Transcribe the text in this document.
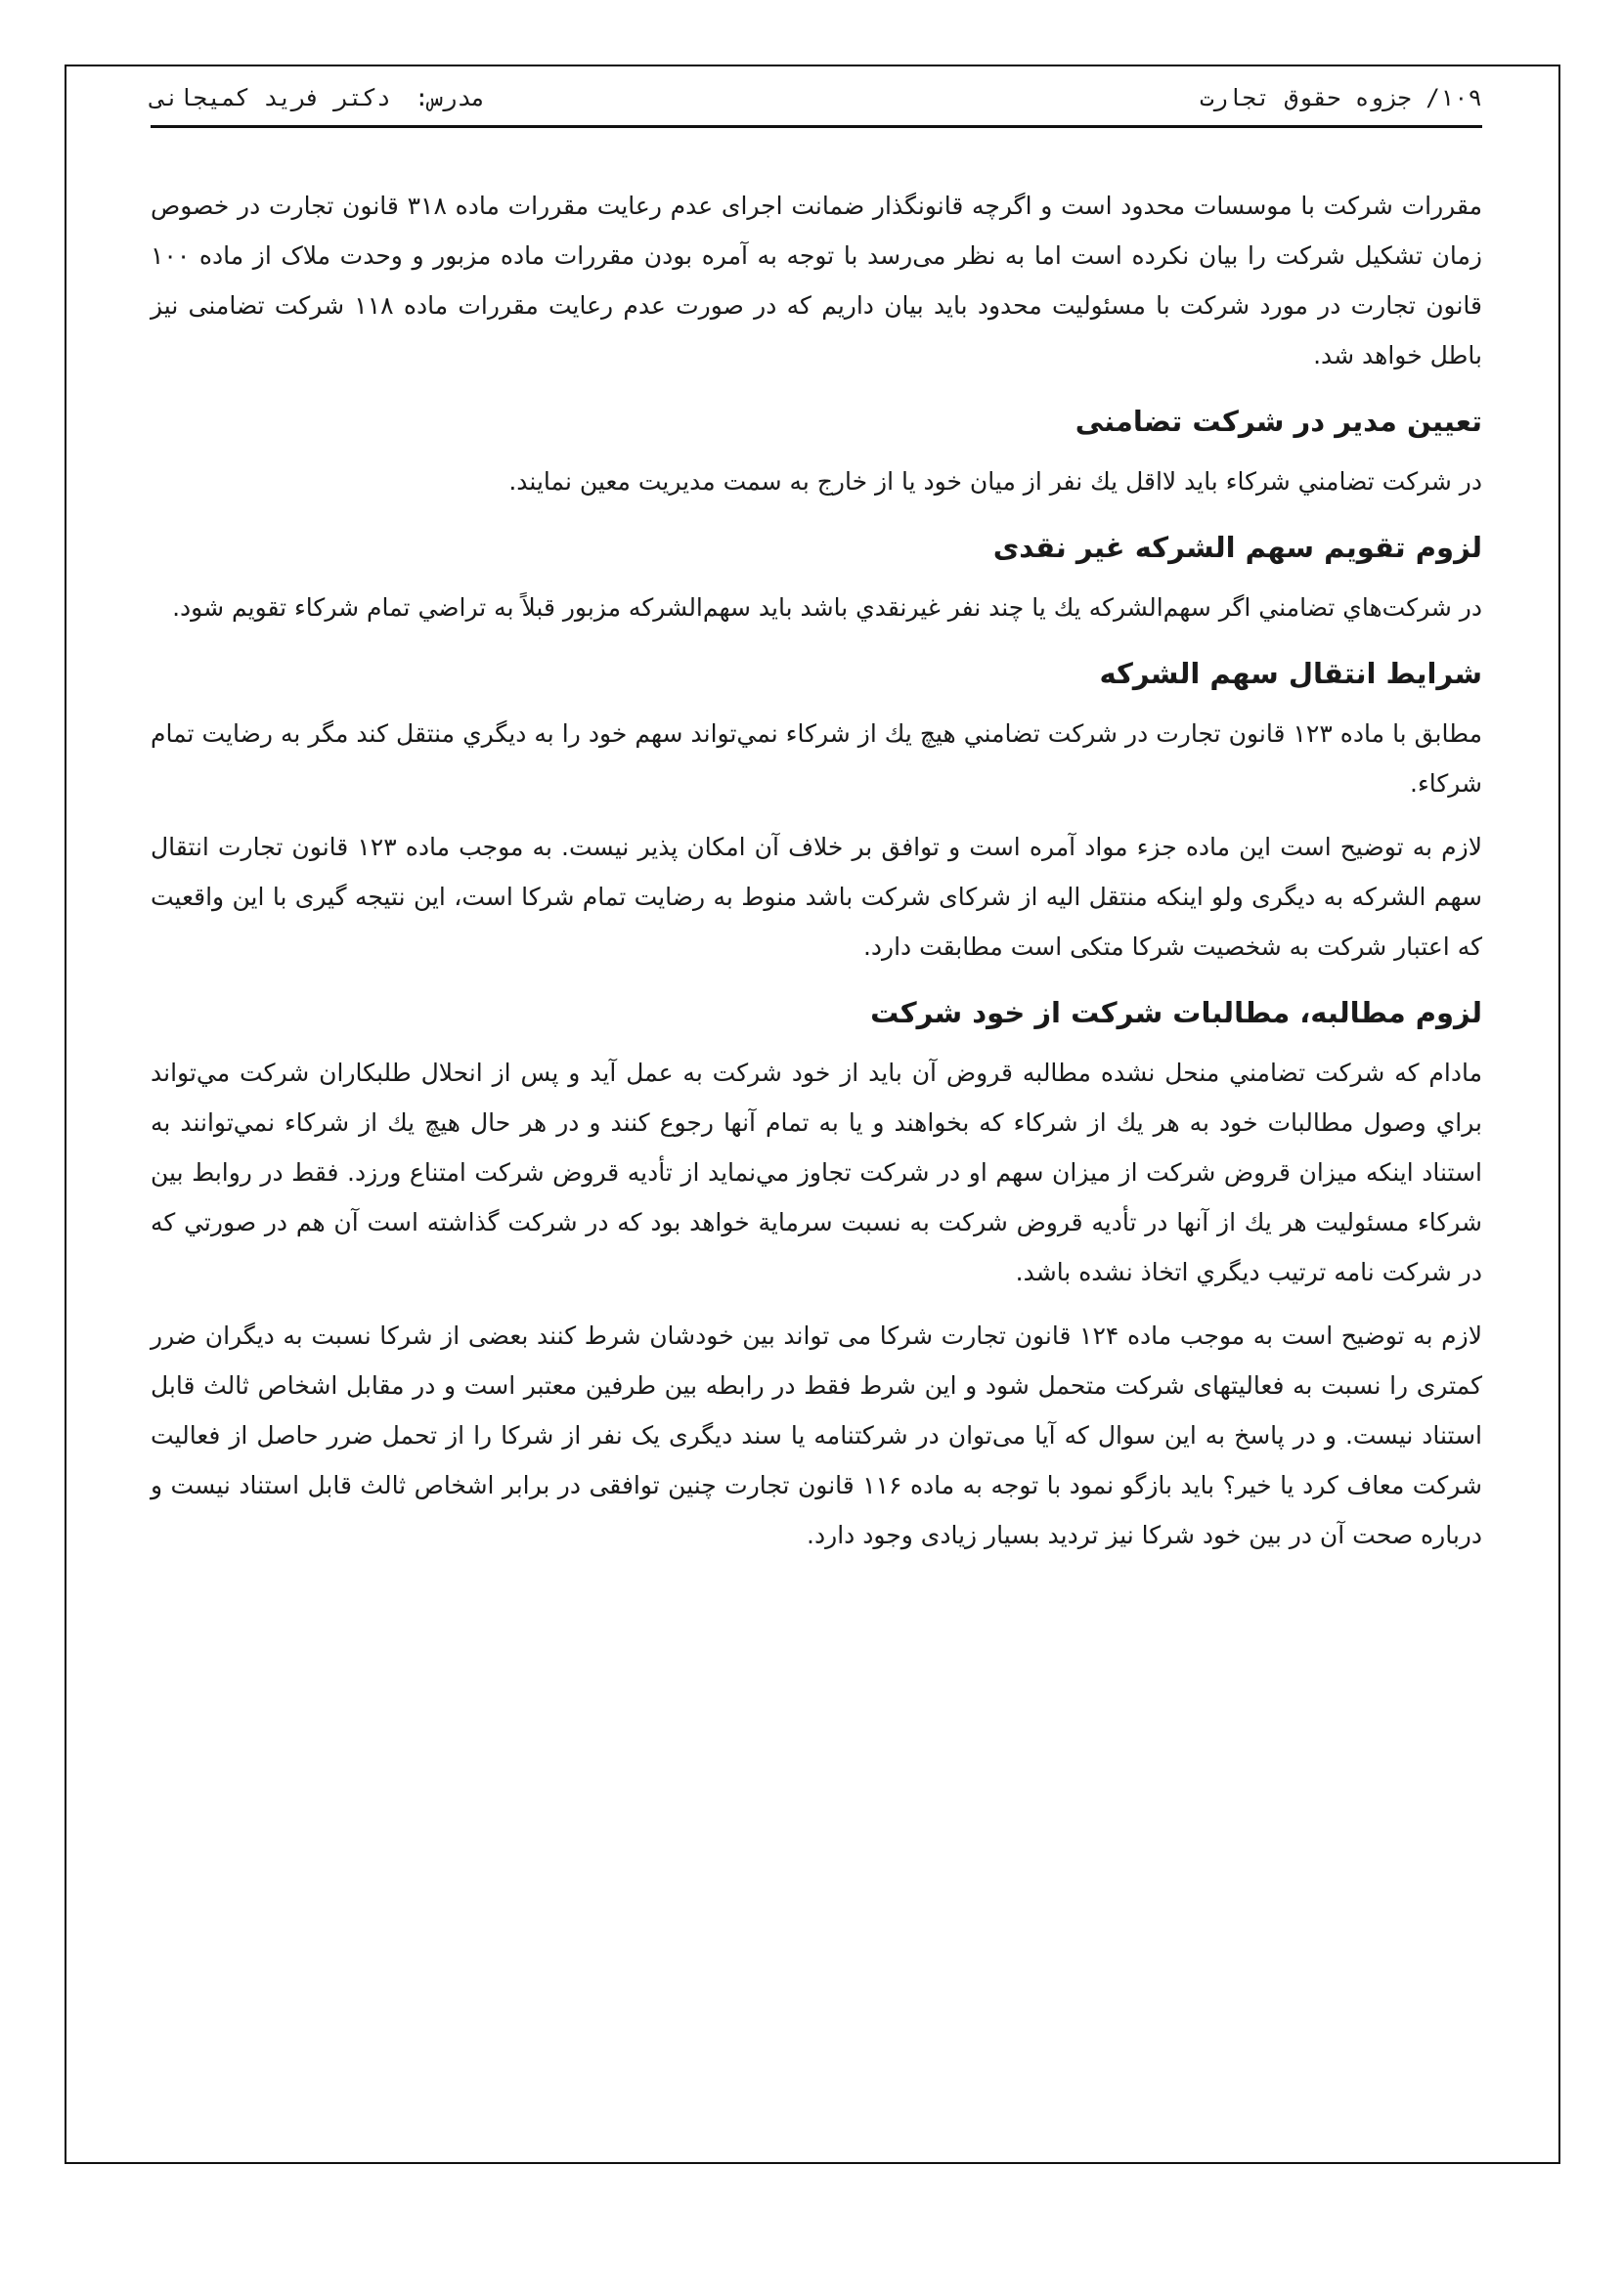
۱۰۹/ جزوه حقوق تجارت
مدرس: دکتر فرید کمیجانی

مقررات شرکت با موسسات محدود است و اگرچه قانونگذار ضمانت اجرای عدم رعایت مقررات ماده ۳۱۸ قانون تجارت در خصوص زمان تشکیل شرکت را بیان نکرده است اما به نظر می‌رسد با توجه به آمره بودن مقررات ماده مزبور و وحدت ملاک از ماده ۱۰۰ قانون تجارت در مورد شرکت با مسئولیت محدود باید بیان داریم که در صورت عدم رعایت مقررات ماده ۱۱۸ شرکت تضامنی نیز باطل خواهد شد.

تعیین مدیر در شرکت تضامنی

در شركت تضامني شركاء بايد لااقل يك نفر از ميان خود يا از خارج به سمت مديريت معين نمايند.

لزوم تقویم سهم الشرکه غیر نقدی

در شركت‌هاي تضامني اگر سهم‌الشركه يك يا چند نفر غيرنقدي باشد بايد سهم‌الشركه مزبور قبلاً به تراضي تمام شركاء تقويم شود.

شرایط انتقال سهم الشرکه

مطابق با ماده ۱۲۳ قانون تجارت در شركت تضامني هيچ يك از شركاء نمي‌تواند سهم خود را به ديگري منتقل كند مگر به رضايت تمام شركاء.

لازم به توضیح است این ماده جزء مواد آمره است و توافق بر خلاف آن امکان پذیر نیست. به موجب ماده ۱۲۳ قانون تجارت انتقال سهم الشرکه به دیگری ولو اینکه منتقل الیه از شرکای شرکت باشد منوط به رضایت تمام شرکا است، این نتیجه گیری با این واقعیت که اعتبار شرکت به شخصیت شرکا متکی است مطابقت دارد.

لزوم مطالبه، مطالبات شرکت از خود شرکت

مادام كه شركت تضامني منحل نشده مطالبه قروض آن بايد از خود شركت به عمل آيد و پس از انحلال طلبكاران شركت مي‌تواند براي وصول مطالبات خود به هر يك از شركاء كه بخواهند و يا به تمام آنها رجوع كنند و در هر حال هيچ يك از شركاء نمي‌توانند به استناد اينكه ميزان قروض شركت از ميزان سهم او در شركت تجاوز مي‌نمايد از تأديه قروض شركت امتناع ورزد. فقط در روابط بين شركاء مسئوليت هر يك از آنها در تأديه قروض شركت به نسبت سرماية خواهد بود كه در شركت گذاشته است آن هم در صورتي كه در شركت نامه ترتيب ديگري اتخاذ نشده باشد.

لازم به توضیح است به موجب ماده ۱۲۴ قانون تجارت شرکا می تواند بین خودشان شرط کنند بعضی از شرکا نسبت به دیگران ضرر کمتری را نسبت به فعالیتهای شرکت متحمل شود و این شرط فقط در رابطه بین طرفین معتبر است و در مقابل اشخاص ثالث قابل استناد نیست. و در پاسخ به این سوال که آیا می‌توان در شرکتنامه یا سند دیگری یک نفر از شرکا را از تحمل ضرر حاصل از فعالیت شرکت معاف کرد یا خیر؟ باید بازگو نمود با توجه به ماده ۱۱۶ قانون تجارت چنین توافقی در برابر اشخاص ثالث قابل استناد نیست و درباره صحت آن در بین خود شرکا نیز تردید بسیار زیادی وجود دارد.
